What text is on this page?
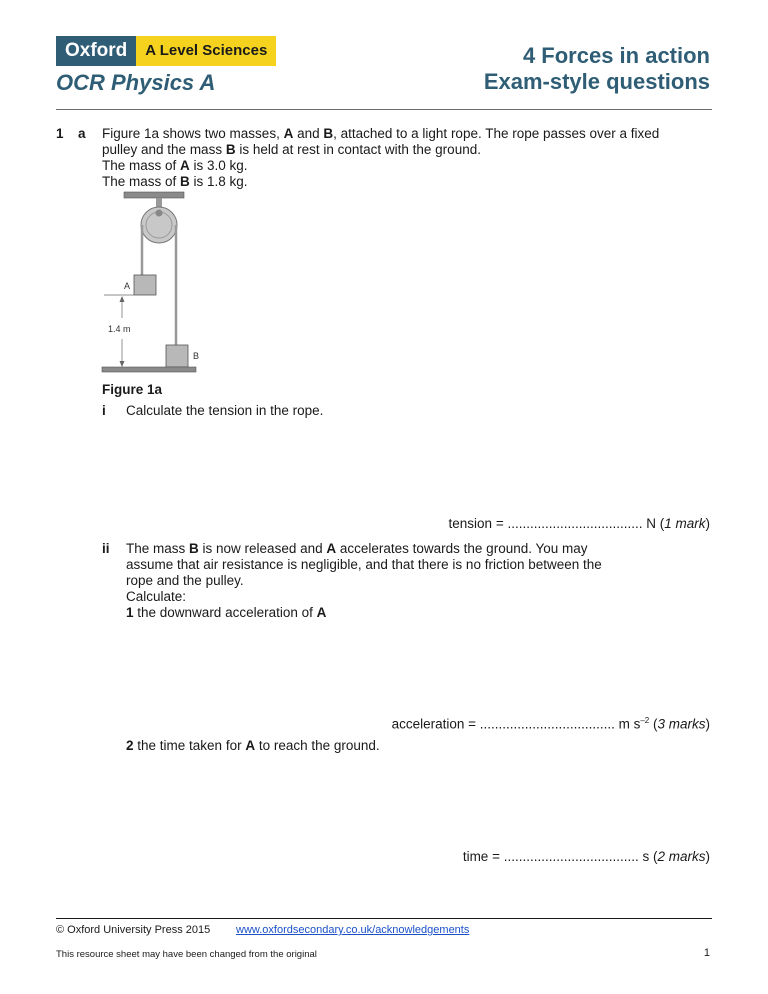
Oxford	A Level Sciences
OCR Physics A
4 Forces in action
Exam-style questions
1 a Figure 1a shows two masses, A and B, attached to a light rope. The rope passes over a fixed pulley and the mass B is held at rest in contact with the ground.
The mass of A is 3.0 kg.
The mass of B is 1.8 kg.
A
1.4 m
B
Figure 1a
i Calculate the tension in the rope.
tension = .................................... N (1 mark)
ii The mass B is now released and A accelerates towards the ground. You may assume that air resistance is negligible, and that there is no friction between the rope and the pulley.
Calculate:
1 the downward acceleration of A
acceleration = .................................... m $s^{-2}$ (3 marks)
2 the time taken for A to reach the ground.
time = .................................... s (2 marks)
© Oxford University Press 2015 www.oxfordsecondary.co.uk/acknowledgements
This resource sheet may have been changed from the original	1
